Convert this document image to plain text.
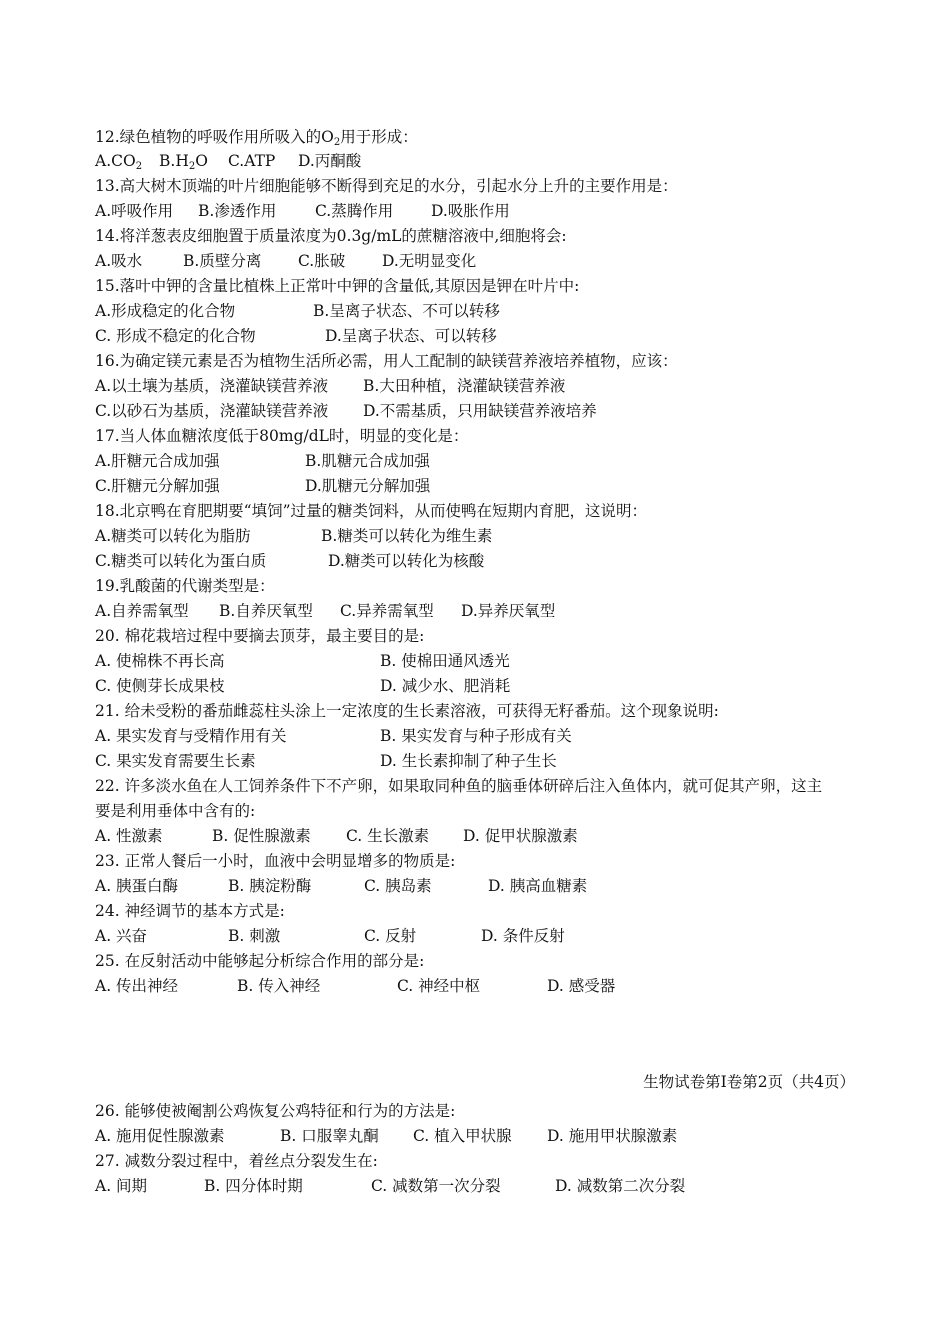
12.绿色植物的呼吸作用所吸入的$O_2$用于形成：
$A.CO_2$ $B.H_2O$ C.ATP D.丙酮酸
13.高大树木顶端的叶片细胞能够不断得到充足的水分，引起水分上升的主要作用是：
A.呼吸作用 B.渗透作用 C.蒸腾作用 D.吸胀作用
14.将洋葱表皮细胞置于质量浓度为0.3g/mL的蔗糖溶液中,细胞将会:
A.吸水	B.质壁分离 C.胀破 D.无明显变化
15.落叶中钾的含量比植株上正常叶中钾的含量低,其原因是钾在叶片中:
A.形成稳定的化合物	B.呈离子状态、不可以转移
C. 形成不稳定的化合物	D.呈离子状态、可以转移
16.为确定镁元素是否为植物生活所必需，用人工配制的缺镁营养液培养植物，应该：
A.以土壤为基质，浇灌缺镁营养液 B.大田种植，浇灌缺镁营养液
C.以砂石为基质，浇灌缺镁营养液 D.不需基质，只用缺镁营养液培养
17.当人体血糖浓度低于80mg/dL时，明显的变化是：
A.肝糖元合成加强	B.肌糖元合成加强
C.肝糖元分解加强	D.肌糖元分解加强
18.北京鸭在育肥期要“填饲”过量的糖类饲料，从而使鸭在短期内育肥，这说明：
A.糖类可以转化为脂肪	B.糖类可以转化为维生素
C.糖类可以转化为蛋白质	D.糖类可以转化为核酸
19.乳酸菌的代谢类型是：
A.自养需氧型 B.自养厌氧型 C.异养需氧型 D.异养厌氧型
20. 棉花栽培过程中要摘去顶芽，最主要目的是:
A. 使棉株不再长高	B. 使棉田通风透光
C. 使侧芽长成果枝	D. 减少水、肥消耗
21. 给未受粉的番茄雌蕊柱头涂上一定浓度的生长素溶液，可获得无籽番茄。这个现象说明:
A. 果实发育与受精作用有关	B. 果实发育与种子形成有关
C. 果实发育需要生长素	D. 生长素抑制了种子生长
22. 许多淡水鱼在人工饲养条件下不产卵，如果取同种鱼的脑垂体研碎后注入鱼体内，就可促其产卵，这主
要是利用垂体中含有的:
A. 性激素	B. 促性腺激素 C. 生长激素 D. 促甲状腺激素
23. 正常人餐后一小时，血液中会明显增多的物质是:
A. 胰蛋白酶	B. 胰淀粉酶	C. 胰岛素	D. 胰高血糖素
24. 神经调节的基本方式是:
A. 兴奋	B. 刺激	C. 反射	D. 条件反射
25. 在反射活动中能够起分析综合作用的部分是:
A. 传出神经	B. 传入神经	C. 神经中枢	D. 感受器
生物试卷第I卷第2页（共4页）
26. 能够使被阉割公鸡恢复公鸡特征和行为的方法是:
A. 施用促性腺激素	B. 口服睾丸酮 C. 植入甲状腺 D. 施用甲状腺激素
27. 减数分裂过程中，着丝点分裂发生在:
A. 间期	B. 四分体时期	C. 减数第一次分裂	D. 减数第二次分裂
